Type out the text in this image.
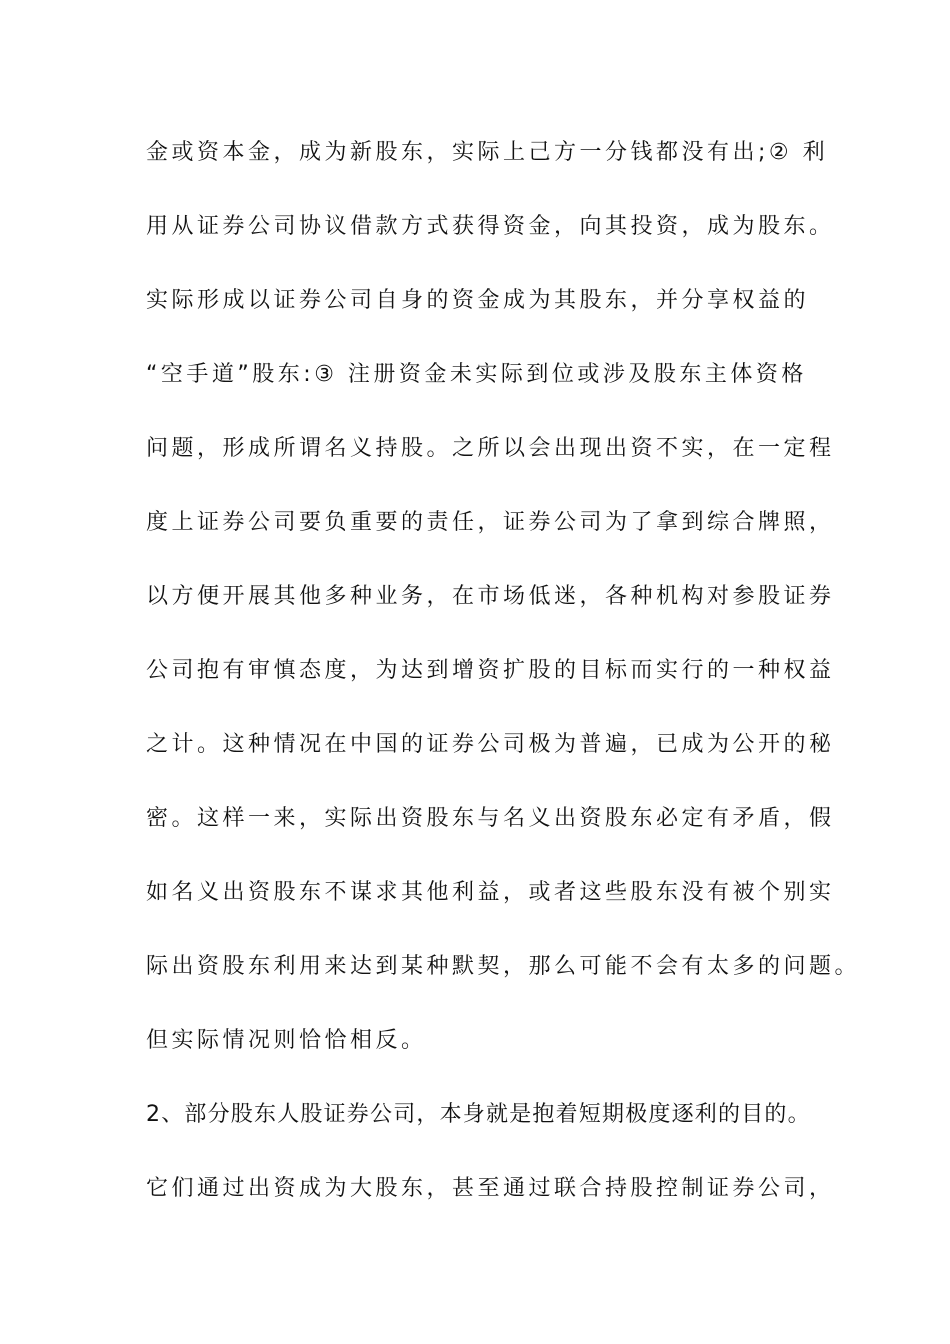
金或资本金，成为新股东，实际上己方一分钱都没有出;② 利
用从证券公司协议借款方式获得资金，向其投资，成为股东。
实际形成以证券公司自身的资金成为其股东，并分享权益的
“空手道”股东:③ 注册资金未实际到位或涉及股东主体资格
问题，形成所谓名义持股。之所以会出现出资不实，在一定程
度上证券公司要负重要的责任，证券公司为了拿到综合牌照，
以方便开展其他多种业务，在市场低迷，各种机构对参股证券
公司抱有审慎态度，为达到增资扩股的目标而实行的一种权益
之计。这种情况在中国的证券公司极为普遍，已成为公开的秘
密。这样一来，实际出资股东与名义出资股东必定有矛盾，假
如名义出资股东不谋求其他利益，或者这些股东没有被个别实
际出资股东利用来达到某种默契，那么可能不会有太多的问题。
但实际情况则恰恰相反。
2、部分股东人股证券公司，本身就是抱着短期极度逐利的目的。
它们通过出资成为大股东，甚至通过联合持股控制证券公司，
